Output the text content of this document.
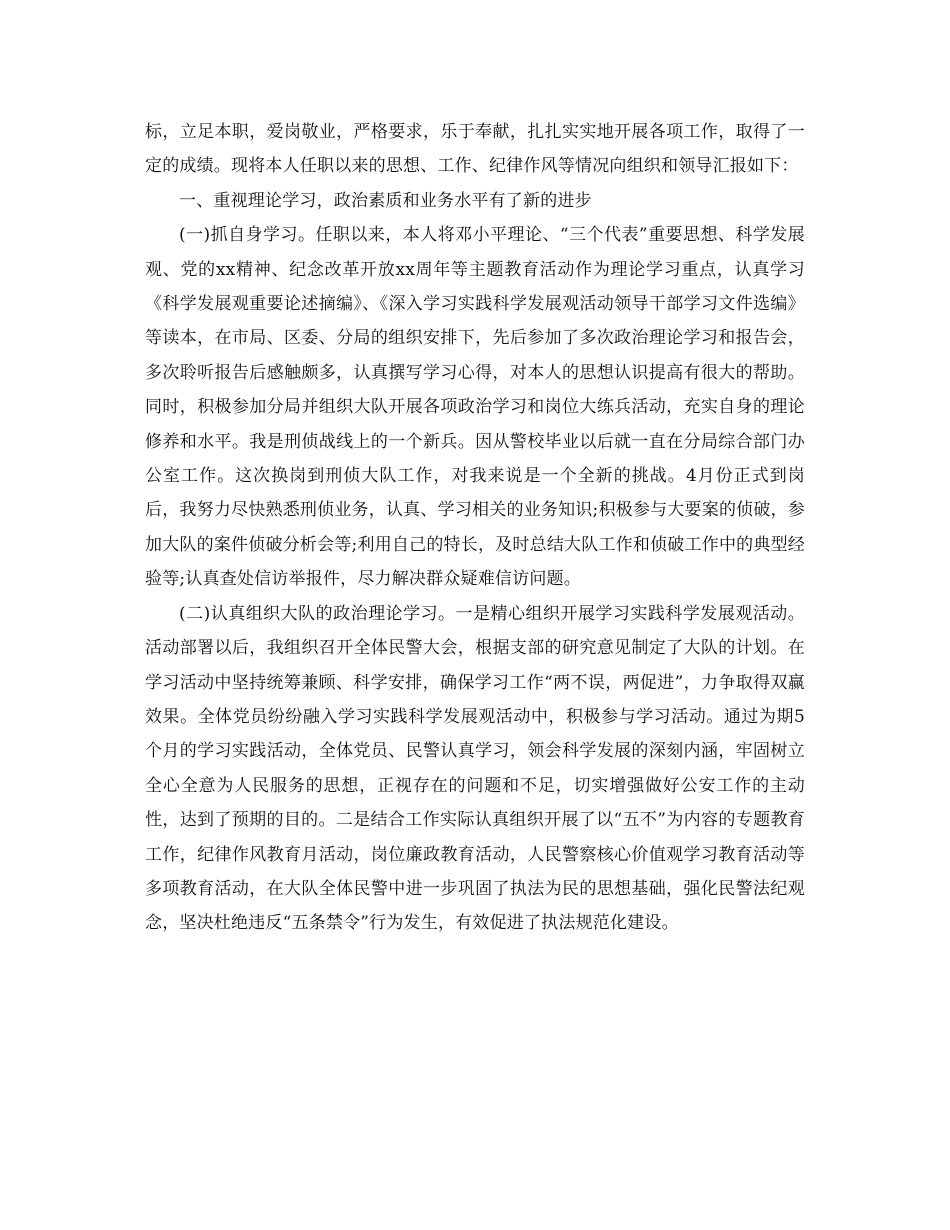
标，立足本职，爱岗敬业，严格要求，乐于奉献，扎扎实实地开展各项工作，取得了一定的成绩。现将本人任职以来的思想、工作、纪律作风等情况向组织和领导汇报如下：

一、重视理论学习，政治素质和业务水平有了新的进步

(一)抓自身学习。任职以来，本人将邓小平理论、“三个代表”重要思想、科学发展观、党的xx精神、纪念改革开放xx周年等主题教育活动作为理论学习重点，认真学习《科学发展观重要论述摘编》、《深入学习实践科学发展观活动领导干部学习文件选编》等读本，在市局、区委、分局的组织安排下，先后参加了多次政治理论学习和报告会，多次聆听报告后感触颇多，认真撰写学习心得，对本人的思想认识提高有很大的帮助。同时，积极参加分局并组织大队开展各项政治学习和岗位大练兵活动，充实自身的理论修养和水平。我是刑侦战线上的一个新兵。因从警校毕业以后就一直在分局综合部门办公室工作。这次换岗到刑侦大队工作，对我来说是一个全新的挑战。4月份正式到岗后，我努力尽快熟悉刑侦业务，认真、学习相关的业务知识;积极参与大要案的侦破，参加大队的案件侦破分析会等;利用自己的特长，及时总结大队工作和侦破工作中的典型经验等;认真查处信访举报件，尽力解决群众疑难信访问题。

(二)认真组织大队的政治理论学习。一是精心组织开展学习实践科学发展观活动。活动部署以后，我组织召开全体民警大会，根据支部的研究意见制定了大队的计划。在学习活动中坚持统筹兼顾、科学安排，确保学习工作“两不误，两促进”，力争取得双赢效果。全体党员纷纷融入学习实践科学发展观活动中，积极参与学习活动。通过为期5个月的学习实践活动，全体党员、民警认真学习，领会科学发展的深刻内涵，牢固树立全心全意为人民服务的思想，正视存在的问题和不足，切实增强做好公安工作的主动性，达到了预期的目的。二是结合工作实际认真组织开展了以“五不”为内容的专题教育工作，纪律作风教育月活动，岗位廉政教育活动，人民警察核心价值观学习教育活动等多项教育活动，在大队全体民警中进一步巩固了执法为民的思想基础，强化民警法纪观念，坚决杜绝违反“五条禁令”行为发生，有效促进了执法规范化建设。
